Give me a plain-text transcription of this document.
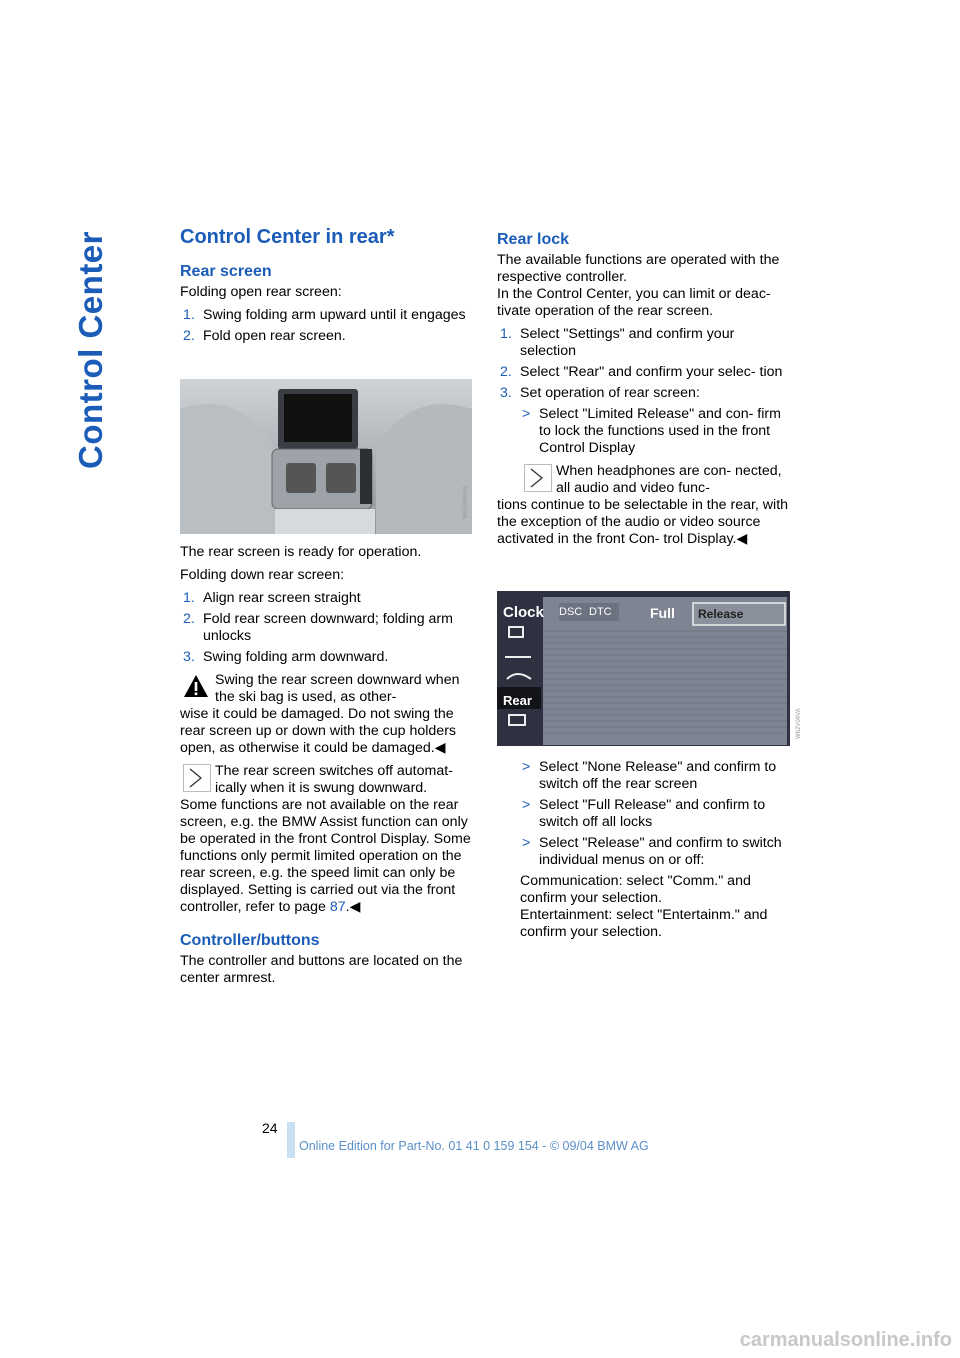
Control Center	Control Center in rear*
Rear screen

Folding open rear screen:

1. Swing folding arm upward until it engages
2. Fold open rear screen.
W62HH0AH

The rear screen is ready for operation.

Folding down rear screen:

1. Align rear screen straight
2. Fold rear screen downward; folding arm unlocks
3. Swing folding arm downward.
Swing the rear screen downward when the ski bag is used, as other-
wise it could be damaged. Do not swing the rear screen up or down with the cup holders open, as otherwise it could be damaged.◀
The rear screen switches off automat- ically when it is swung downward.
Some functions are not available on the rear screen, e.g. the BMW Assist function can only be operated in the front Control Display. Some functions only permit limited operation on the rear screen, e.g. the speed limit can only be displayed. Setting is carried out via the front controller, refer to page 87.◀
Controller/buttons

The controller and buttons are located on the center armrest.

Rear lock

The available functions are operated with the respective controller.

In the Control Center, you can limit or deac- tivate operation of the rear screen.

1. Select "Settings" and confirm your selection
2. Select "Rear" and confirm your selec- tion
3. Set operation of rear screen:
> Select "Limited Release" and con- firm to lock the functions used in the front Control Display
When headphones are con- nected, all audio and video func-
tions continue to be selectable in the rear, with the exception of the audio or video source activated in the front Con- trol Display.◀
Clock
Rear
DSC DTC	Full Release
W62V04VA
> Select "None Release" and confirm to switch off the rear screen
> Select "Full Release" and confirm to switch off all locks
> Select "Release" and confirm to switch individual menus on or off:

Communication: select "Comm." and confirm your selection.

Entertainment: select "Entertainm." and confirm your selection.

24
Online Edition for Part-No. 01 41 0 159 154 - © 09/04 BMW AG
carmanualsonline.info
